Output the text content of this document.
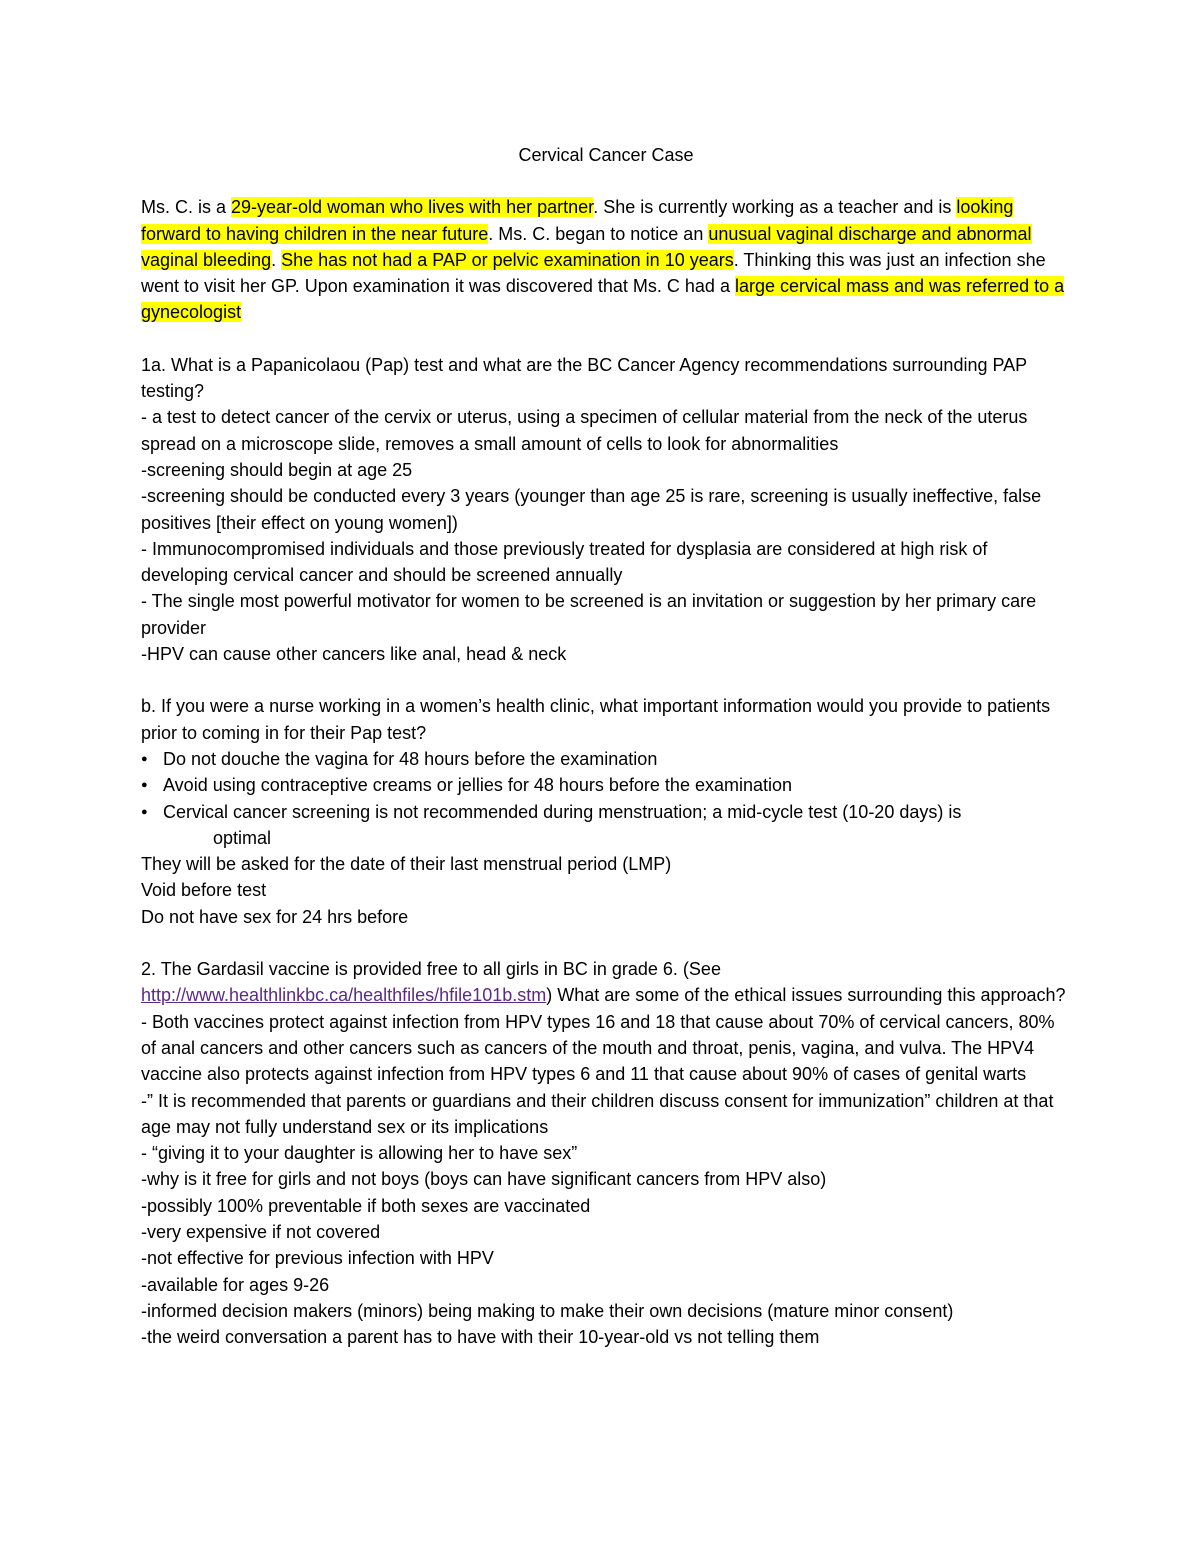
Cervical Cancer Case

Ms. C. is a 29-year-old woman who lives with her partner. She is currently working as a teacher and is looking forward to having children in the near future. Ms. C. began to notice an unusual vaginal discharge and abnormal vaginal bleeding. She has not had a PAP or pelvic examination in 10 years. Thinking this was just an infection she went to visit her GP. Upon examination it was discovered that Ms. C had a large cervical mass and was referred to a gynecologist

1a. What is a Papanicolaou (Pap) test and what are the BC Cancer Agency recommendations surrounding PAP testing?

- a test to detect cancer of the cervix or uterus, using a specimen of cellular material from the neck of the uterus spread on a microscope slide, removes a small amount of cells to look for abnormalities

-screening should begin at age 25

-screening should be conducted every 3 years (younger than age 25 is rare, screening is usually ineffective, false positives [their effect on young women])

- Immunocompromised individuals and those previously treated for dysplasia are considered at high risk of developing cervical cancer and should be screened annually

- The single most powerful motivator for women to be screened is an invitation or suggestion by her primary care provider

-HPV can cause other cancers like anal, head & neck

b. If you were a nurse working in a women’s health clinic, what important information would you provide to patients prior to coming in for their Pap test?

● Do not douche the vagina for 48 hours before the examination
● Avoid using contraceptive creams or jellies for 48 hours before the examination
● Cervical cancer screening is not recommended during menstruation; a mid-cycle test (10-20 days) is
optimal

They will be asked for the date of their last menstrual period (LMP)

Void before test

Do not have sex for 24 hrs before

2. The Gardasil vaccine is provided free to all girls in BC in grade 6. (See http://www.healthlinkbc.ca/healthfiles/hfile101b.stm) What are some of the ethical issues surrounding this approach?

- Both vaccines protect against infection from HPV types 16 and 18 that cause about 70% of cervical cancers, 80% of anal cancers and other cancers such as cancers of the mouth and throat, penis, vagina, and vulva. The HPV4 vaccine also protects against infection from HPV types 6 and 11 that cause about 90% of cases of genital warts

-” It is recommended that parents or guardians and their children discuss consent for immunization” children at that age may not fully understand sex or its implications

- “giving it to your daughter is allowing her to have sex”

-why is it free for girls and not boys (boys can have significant cancers from HPV also)

-possibly 100% preventable if both sexes are vaccinated

-very expensive if not covered

-not effective for previous infection with HPV

-available for ages 9-26

-informed decision makers (minors) being making to make their own decisions (mature minor consent)

-the weird conversation a parent has to have with their 10-year-old vs not telling them
